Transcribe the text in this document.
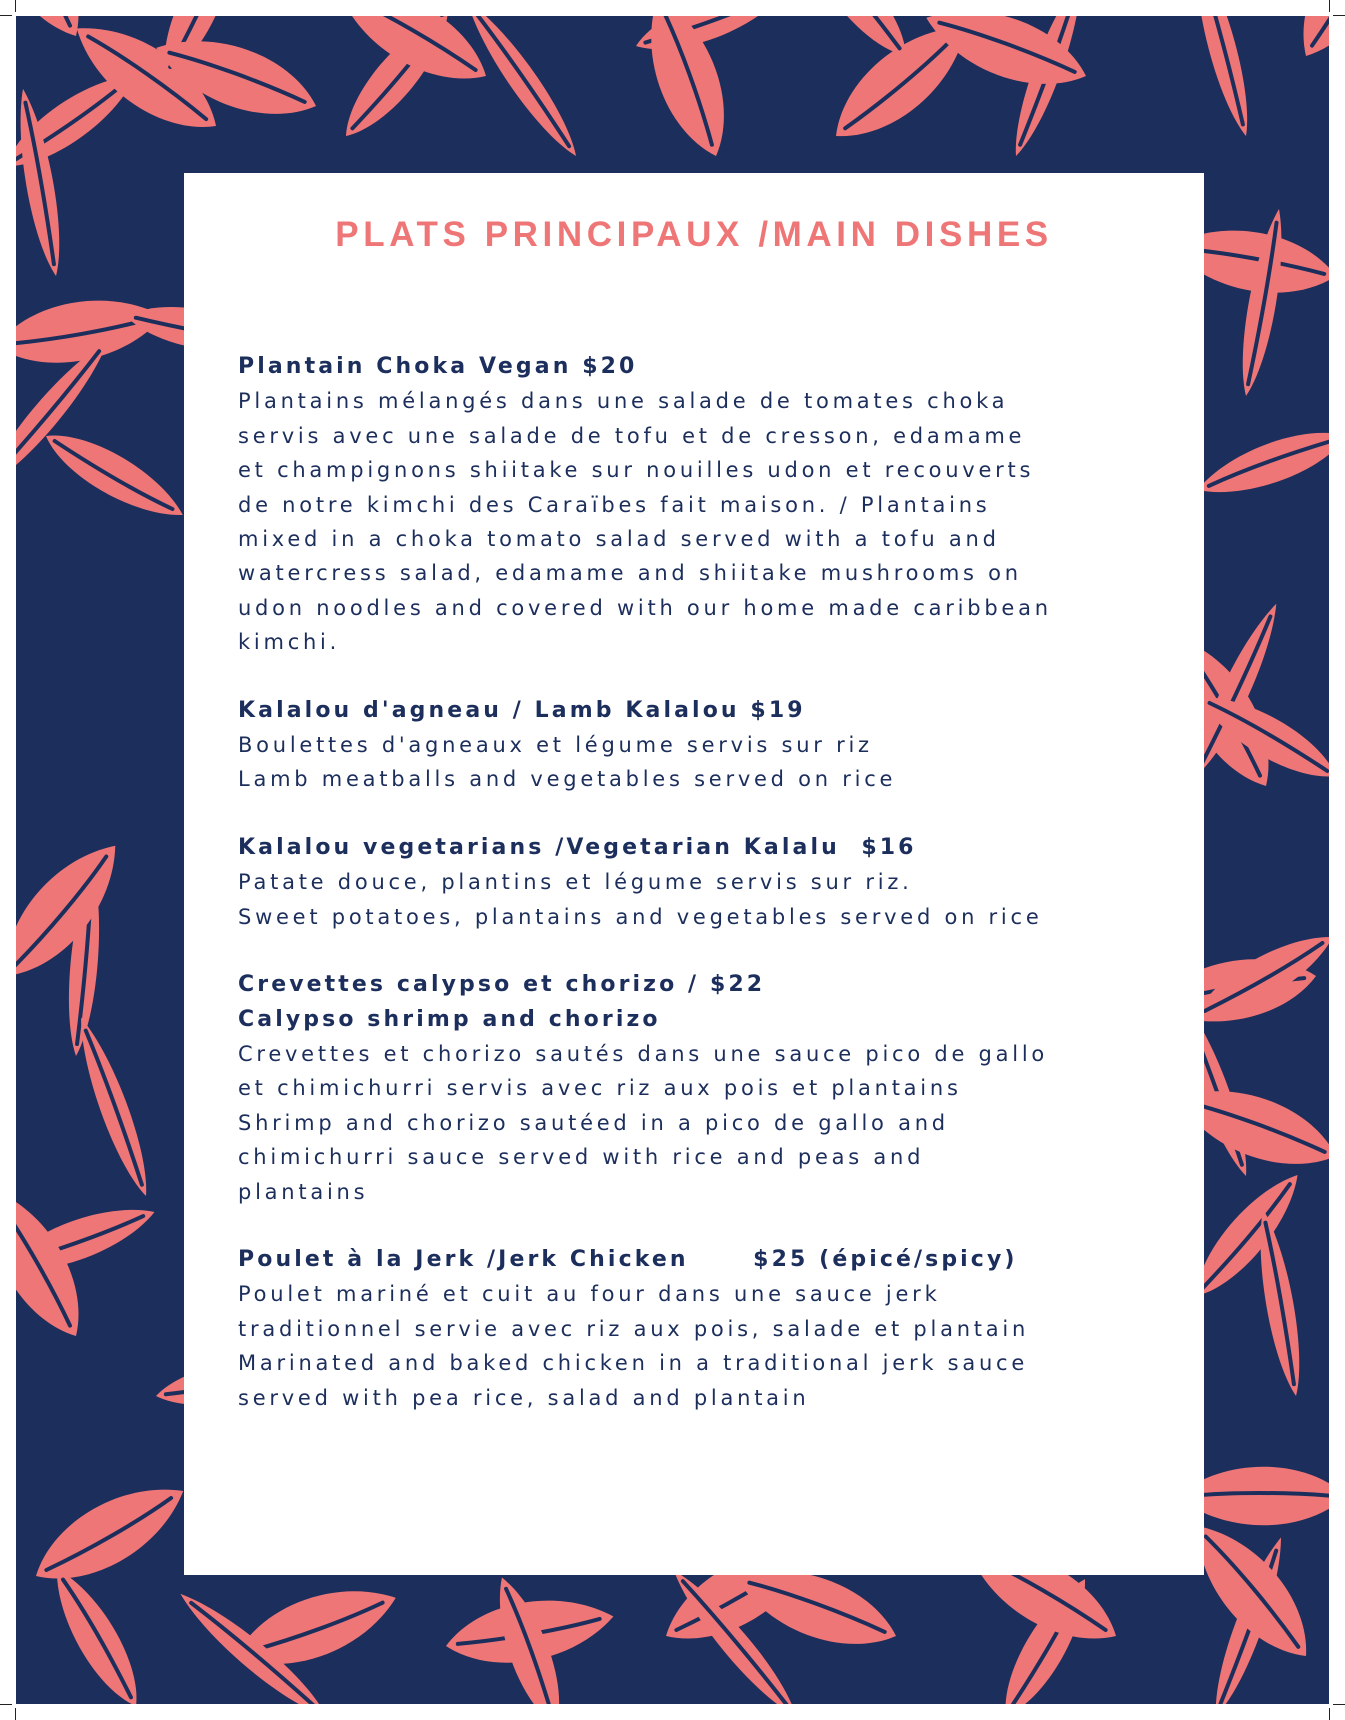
PLATS PRINCIPAUX /MAIN DISHES
Plantain Choka Vegan $20
Plantains mélangés dans une salade de tomates choka
servis avec une salade de tofu et de cresson, edamame
et champignons shiitake sur nouilles udon et recouverts
de notre kimchi des Caraïbes fait maison. / Plantains
mixed in a choka tomato salad served with a tofu and
watercress salad, edamame and shiitake mushrooms on
udon noodles and covered with our home made caribbean
kimchi.
Kalalou d'agneau / Lamb Kalalou $19
Boulettes d'agneaux et légume servis sur riz
Lamb meatballs and vegetables served on rice
Kalalou vegetarians /Vegetarian Kalalu  $16
Patate douce, plantins et légume servis sur riz.
Sweet potatoes, plantains and vegetables served on rice
Crevettes calypso et chorizo / $22
Calypso shrimp and chorizo
Crevettes et chorizo sautés dans une sauce pico de gallo
et chimichurri servis avec riz aux pois et plantains
Shrimp and chorizo sautéed in a pico de gallo and
chimichurri sauce served with rice and peas and
plantains
Poulet à la Jerk /Jerk Chicken      $25 (épicé/spicy)
Poulet mariné et cuit au four dans une sauce jerk
traditionnel servie avec riz aux pois, salade et plantain
Marinated and baked chicken in a traditional jerk sauce
served with pea rice, salad and plantain
